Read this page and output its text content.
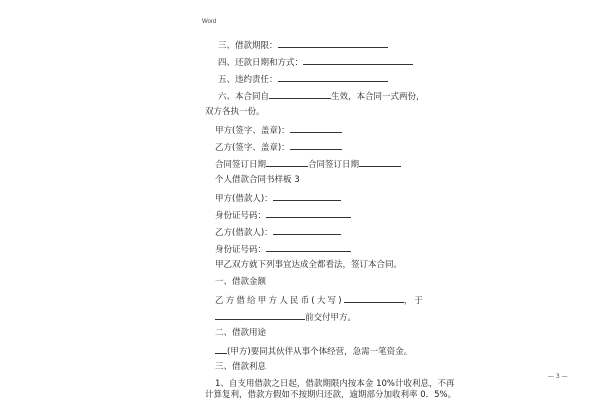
Word
三、借款期限：
四、还款日期和方式：
五、违约责任：
六、本合同自	生效，本合同一式两份，
双方各执一份。
甲方(签字、盖章)：
乙方(签字、盖章)：
合同签订日期	合同签订日期
个人借款合同书样板 3
甲方(借款人)：
身份证号码：
乙方(借款人)：
身份证号码：
甲乙双方就下列事宜达成全都看法，签订本合同。
一、借款金额
乙方借给甲方人民币(大写)	，于
前交付甲方。
二、借款用途
(甲方)要同其伙伴从事个体经营，急需一笔资金。
三、借款利息
1、自支用借款之日起，借款期限内按本金 10%计收利息，不再
计算复利，借款方假如不按期归还款，逾期部分加收利率 0．5%。
— 3 —
